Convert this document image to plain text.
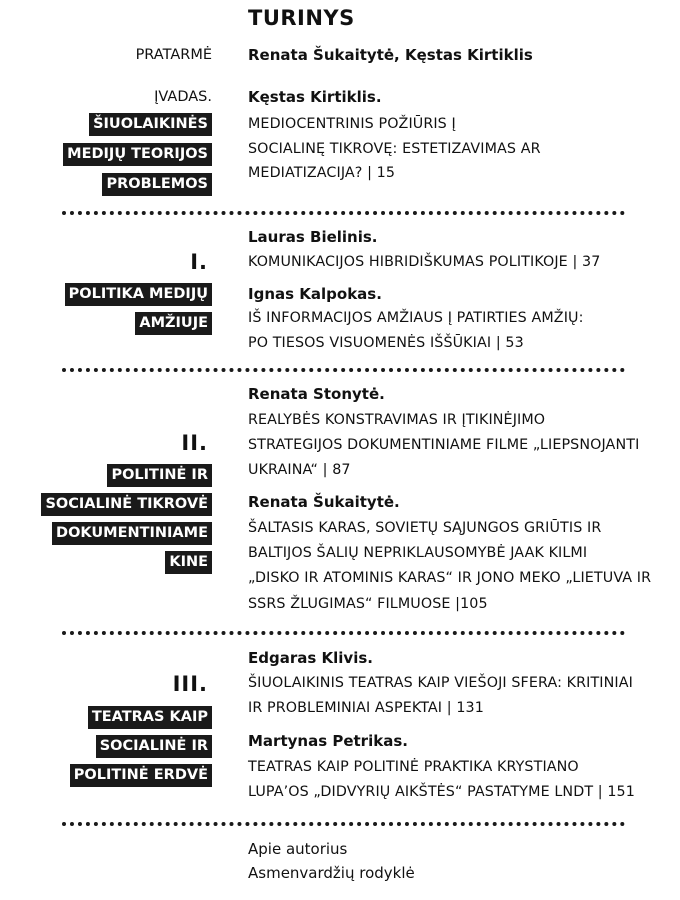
TURINYS
PRATARMĖ Renata Šukaitytė, Kęstas Kirtiklis
ĮVADAS.
ŠIUOLAIKINĖS
MEDIJŲ TEORIJOS
PROBLEMOS
Kęstas Kirtiklis.
MEDIOCENTRINIS POŽIŪRIS Į
SOCIALINĘ TIKROVĘ: ESTETIZAVIMAS AR
MEDIATIZACIJA? | 15
I.
POLITIKA MEDIJŲ
AMŽIUJE
Lauras Bielinis.
KOMUNIKACIJOS HIBRIDIŠKUMAS POLITIKOJE | 37
Ignas Kalpokas.
IŠ INFORMACIJOS AMŽIAUS Į PATIRTIES AMŽIŲ:
PO TIESOS VISUOMENĖS IŠŠŪKIAI | 53
II.
POLITINĖ IR
SOCIALINĖ TIKROVĖ
DOKUMENTINIAME
KINE
Renata Stonytė.
REALYBĖS KONSTRAVIMAS IR ĮTIKINĖJIMO
STRATEGIJOS DOKUMENTINIAME FILME „LIEPSNOJANTI
UKRAINA“ | 87
Renata Šukaitytė.
ŠALTASIS KARAS, SOVIETŲ SĄJUNGOS GRIŪTIS IR
BALTIJOS ŠALIŲ NEPRIKLAUSOMYBĖ JAAK KILMI
„DISKO IR ATOMINIS KARAS“ IR JONO MEKO „LIETUVA IR
SSRS ŽLUGIMAS“ FILMUOSE |105
III.
TEATRAS KAIP
SOCIALINĖ IR
POLITINĖ ERDVĖ
Edgaras Klivis.
ŠIUOLAIKINIS TEATRAS KAIP VIEŠOJI SFERA: KRITINIAI
IR PROBLEMINIAI ASPEKTAI | 131
Martynas Petrikas.
TEATRAS KAIP POLITINĖ PRAKTIKA KRYSTIANO
LUPA’OS „DIDVYRIŲ AIKŠTĖS“ PASTATYME LNDT | 151
Apie autorius
Asmenvardžių rodyklė
